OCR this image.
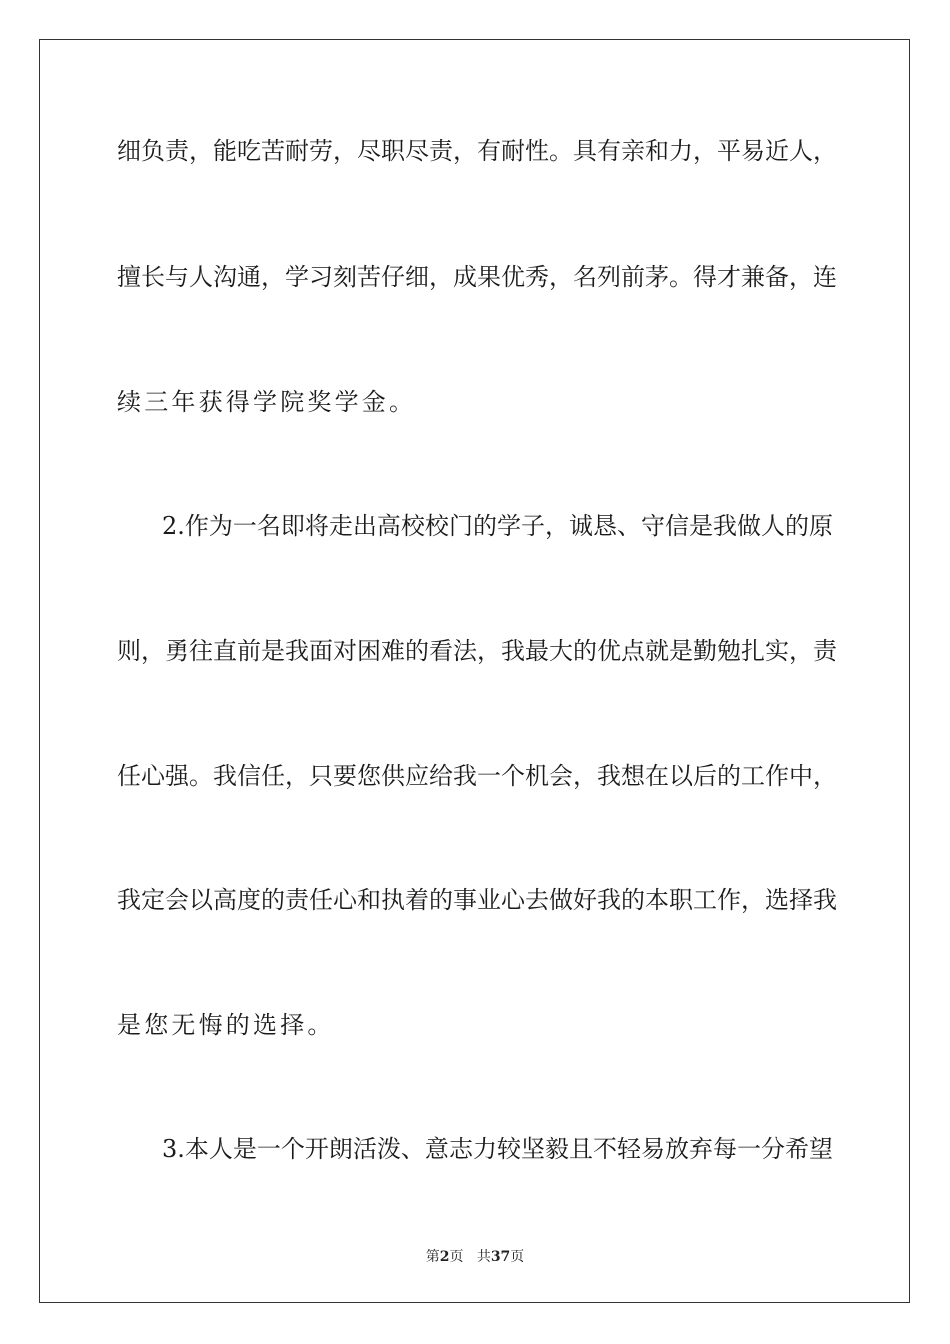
细负责，能吃苦耐劳，尽职尽责，有耐性。具有亲和力，平易近人，
擅长与人沟通，学习刻苦仔细，成果优秀，名列前茅。得才兼备，连
续三年获得学院奖学金。
2.作为一名即将走出高校校门的学子，诚恳、守信是我做人的原
则，勇往直前是我面对困难的看法，我最大的优点就是勤勉扎实，责
任心强。我信任，只要您供应给我一个机会，我想在以后的工作中，
我定会以高度的责任心和执着的事业心去做好我的本职工作，选择我
是您无悔的选择。
3.本人是一个开朗活泼、意志力较坚毅且不轻易放弃每一分希望
第2页 共37页
